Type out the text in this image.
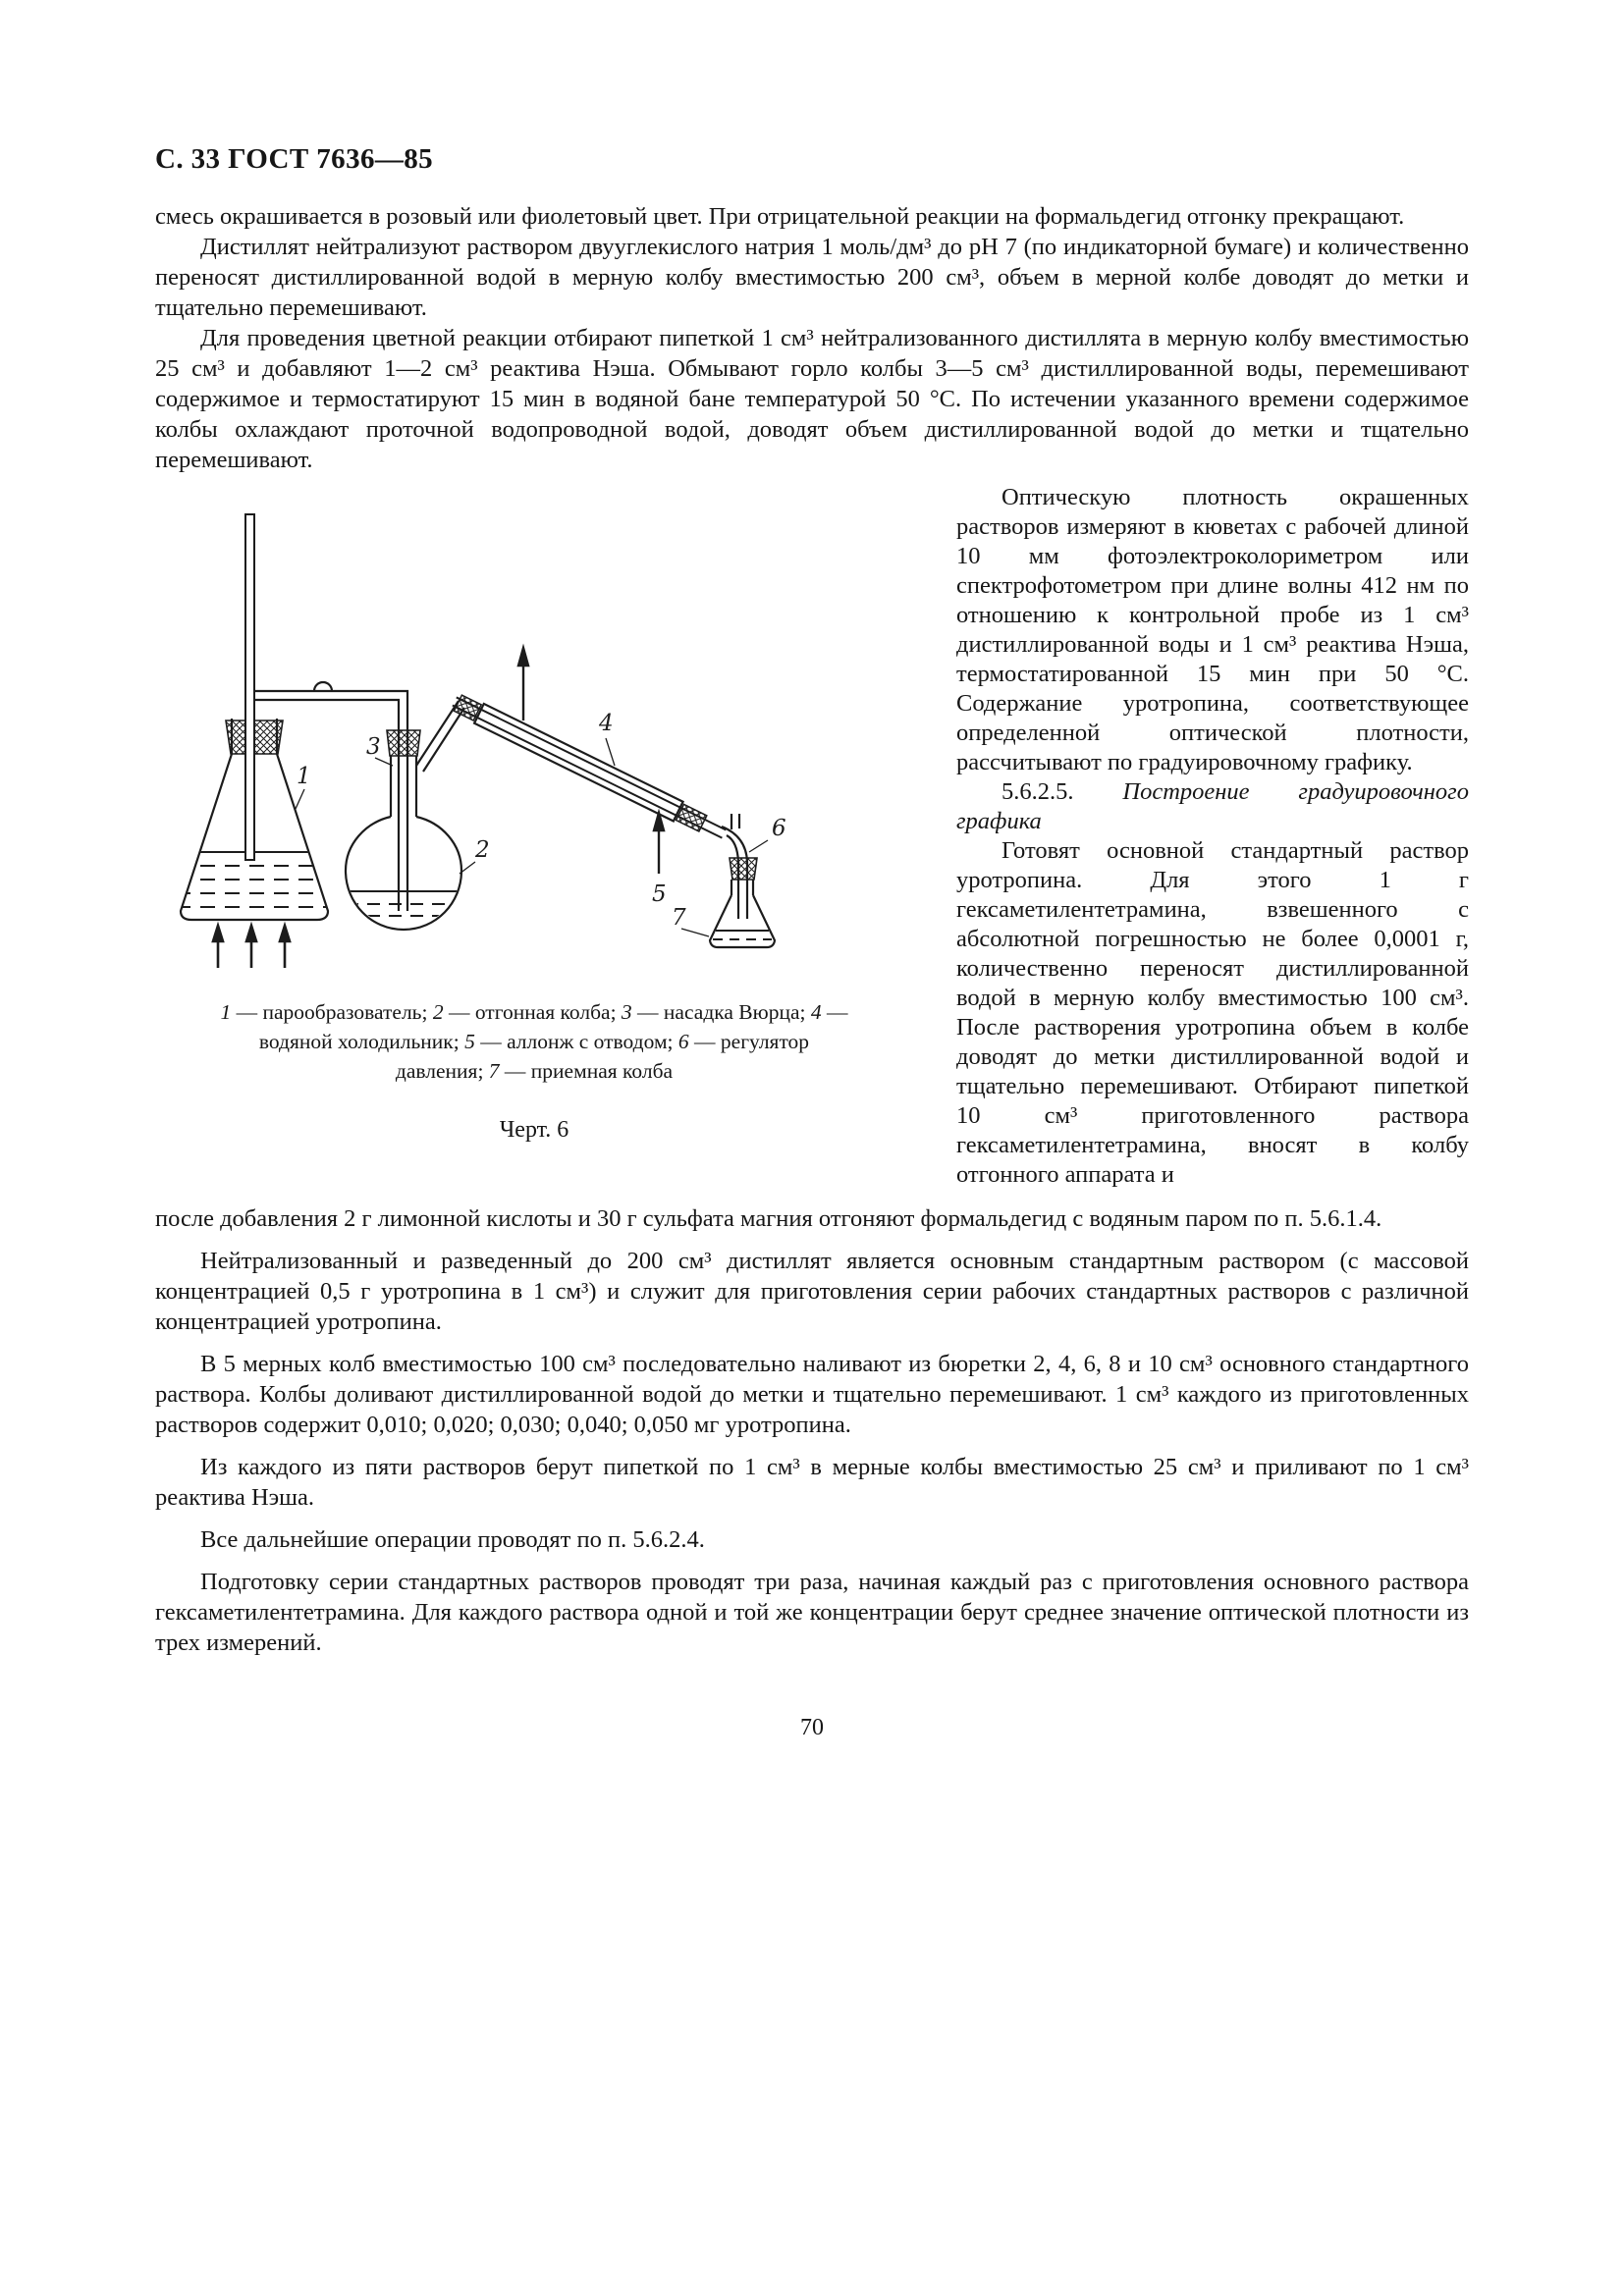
С. 33 ГОСТ 7636—85

смесь окрашивается в розовый или фиолетовый цвет. При отрицательной реакции на формальдегид отгонку прекращают.

Дистиллят нейтрализуют раствором двууглекислого натрия 1 моль/дм³ до рН 7 (по индикаторной бумаге) и количественно переносят дистиллированной водой в мерную колбу вместимостью 200 см³, объем в мерной колбе доводят до метки и тщательно перемешивают.

Для проведения цветной реакции отбирают пипеткой 1 см³ нейтрализованного дистиллята в мерную колбу вместимостью 25 см³ и добавляют 1—2 см³ реактива Нэша. Обмывают горло колбы 3—5 см³ дистиллированной воды, перемешивают содержимое и термостатируют 15 мин в водяной бане температурой 50 °С. По истечении указанного времени содержимое колбы охлаждают проточной водопроводной водой, доводят объем дистиллированной водой до метки и тщательно перемешивают.

1
2
3
4
5
6
7
1 — парообразователь; 2 — отгонная колба; 3 — насадка Вюрца; 4 — водяной холодильник; 5 — аллонж с отводом; 6 — регулятор давления; 7 — приемная колба
Черт. 6

Оптическую плотность окрашенных растворов измеряют в кюветах с рабочей длиной 10 мм фотоэлектроколориметром или спектрофотометром при длине волны 412 нм по отношению к контрольной пробе из 1 см³ дистиллированной воды и 1 см³ реактива Нэша, термостатированной 15 мин при 50 °С. Содержание уротропина, соответствующее определенной оптической плотности, рассчитывают по градуировочному графику.

5.6.2.5. Построение градуировочного графика

Готовят основной стандартный раствор уротропина. Для этого 1 г гексаметилентетрамина, взвешенного с абсолютной погрешностью не более 0,0001 г, количественно переносят дистиллированной водой в мерную колбу вместимостью 100 см³. После растворения уротропина объем в колбе доводят до метки дистиллированной водой и тщательно перемешивают. Отбирают пипеткой 10 см³ приготовленного раствора гексаметилентетрамина, вносят в колбу отгонного аппарата и

после добавления 2 г лимонной кислоты и 30 г сульфата магния отгоняют формальдегид с водяным паром по п. 5.6.1.4.

Нейтрализованный и разведенный до 200 см³ дистиллят является основным стандартным раствором (с массовой концентрацией 0,5 г уротропина в 1 см³) и служит для приготовления серии рабочих стандартных растворов с различной концентрацией уротропина.

В 5 мерных колб вместимостью 100 см³ последовательно наливают из бюретки 2, 4, 6, 8 и 10 см³ основного стандартного раствора. Колбы доливают дистиллированной водой до метки и тщательно перемешивают. 1 см³ каждого из приготовленных растворов содержит 0,010; 0,020; 0,030; 0,040; 0,050 мг уротропина.

Из каждого из пяти растворов берут пипеткой по 1 см³ в мерные колбы вместимостью 25 см³ и приливают по 1 см³ реактива Нэша.

Все дальнейшие операции проводят по п. 5.6.2.4.

Подготовку серии стандартных растворов проводят три раза, начиная каждый раз с приготовления основного раствора гексаметилентетрамина. Для каждого раствора одной и той же концентрации берут среднее значение оптической плотности из трех измерений.

70
